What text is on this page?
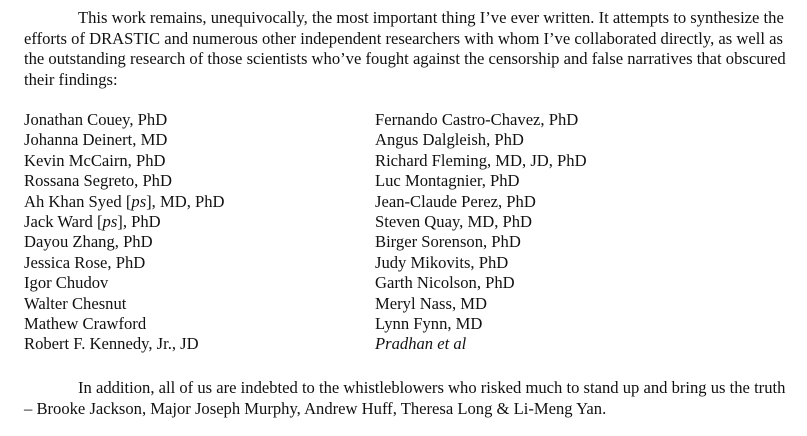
This work remains, unequivocally, the most important thing I’ve ever written. It attempts to synthesize the efforts of DRASTIC and numerous other independent researchers with whom I’ve collaborated directly, as well as the outstanding research of those scientists who’ve fought against the censorship and false narratives that obscured their findings:

Jonathan Couey, PhD
Johanna Deinert, MD
Kevin McCairn, PhD
Rossana Segreto, PhD
Ah Khan Syed [ps], MD, PhD
Jack Ward [ps], PhD
Dayou Zhang, PhD
Jessica Rose, PhD
Igor Chudov
Walter Chesnut
Mathew Crawford
Robert F. Kennedy, Jr., JD
Fernando Castro-Chavez, PhD
Angus Dalgleish, PhD
Richard Fleming, MD, JD, PhD
Luc Montagnier, PhD
Jean-Claude Perez, PhD
Steven Quay, MD, PhD
Birger Sorenson, PhD
Judy Mikovits, PhD
Garth Nicolson, PhD
Meryl Nass, MD
Lynn Fynn, MD
Pradhan et al

In addition, all of us are indebted to the whistleblowers who risked much to stand up and bring us the truth – Brooke Jackson, Major Joseph Murphy, Andrew Huff, Theresa Long & Li-Meng Yan.
